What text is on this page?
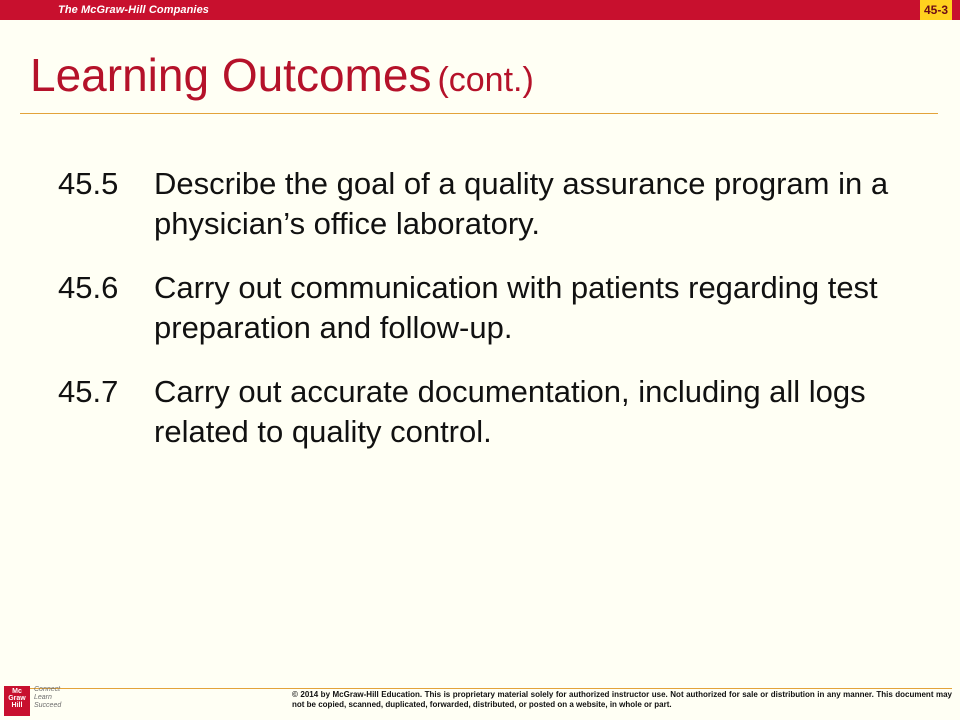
The McGraw-Hill Companies	45-3
Learning Outcomes (cont.)
45.5	Describe the goal of a quality assurance program in a physician’s office laboratory.
45.6	Carry out communication with patients regarding test preparation and follow-up.
45.7	Carry out accurate documentation, including all logs related to quality control.
Mc Graw Hill
Connect Learn Succeed
© 2014 by McGraw-Hill Education. This is proprietary material solely for authorized instructor use. Not authorized for sale or distribution in any manner. This document may not be copied, scanned, duplicated, forwarded, distributed, or posted on a website, in whole or part.
